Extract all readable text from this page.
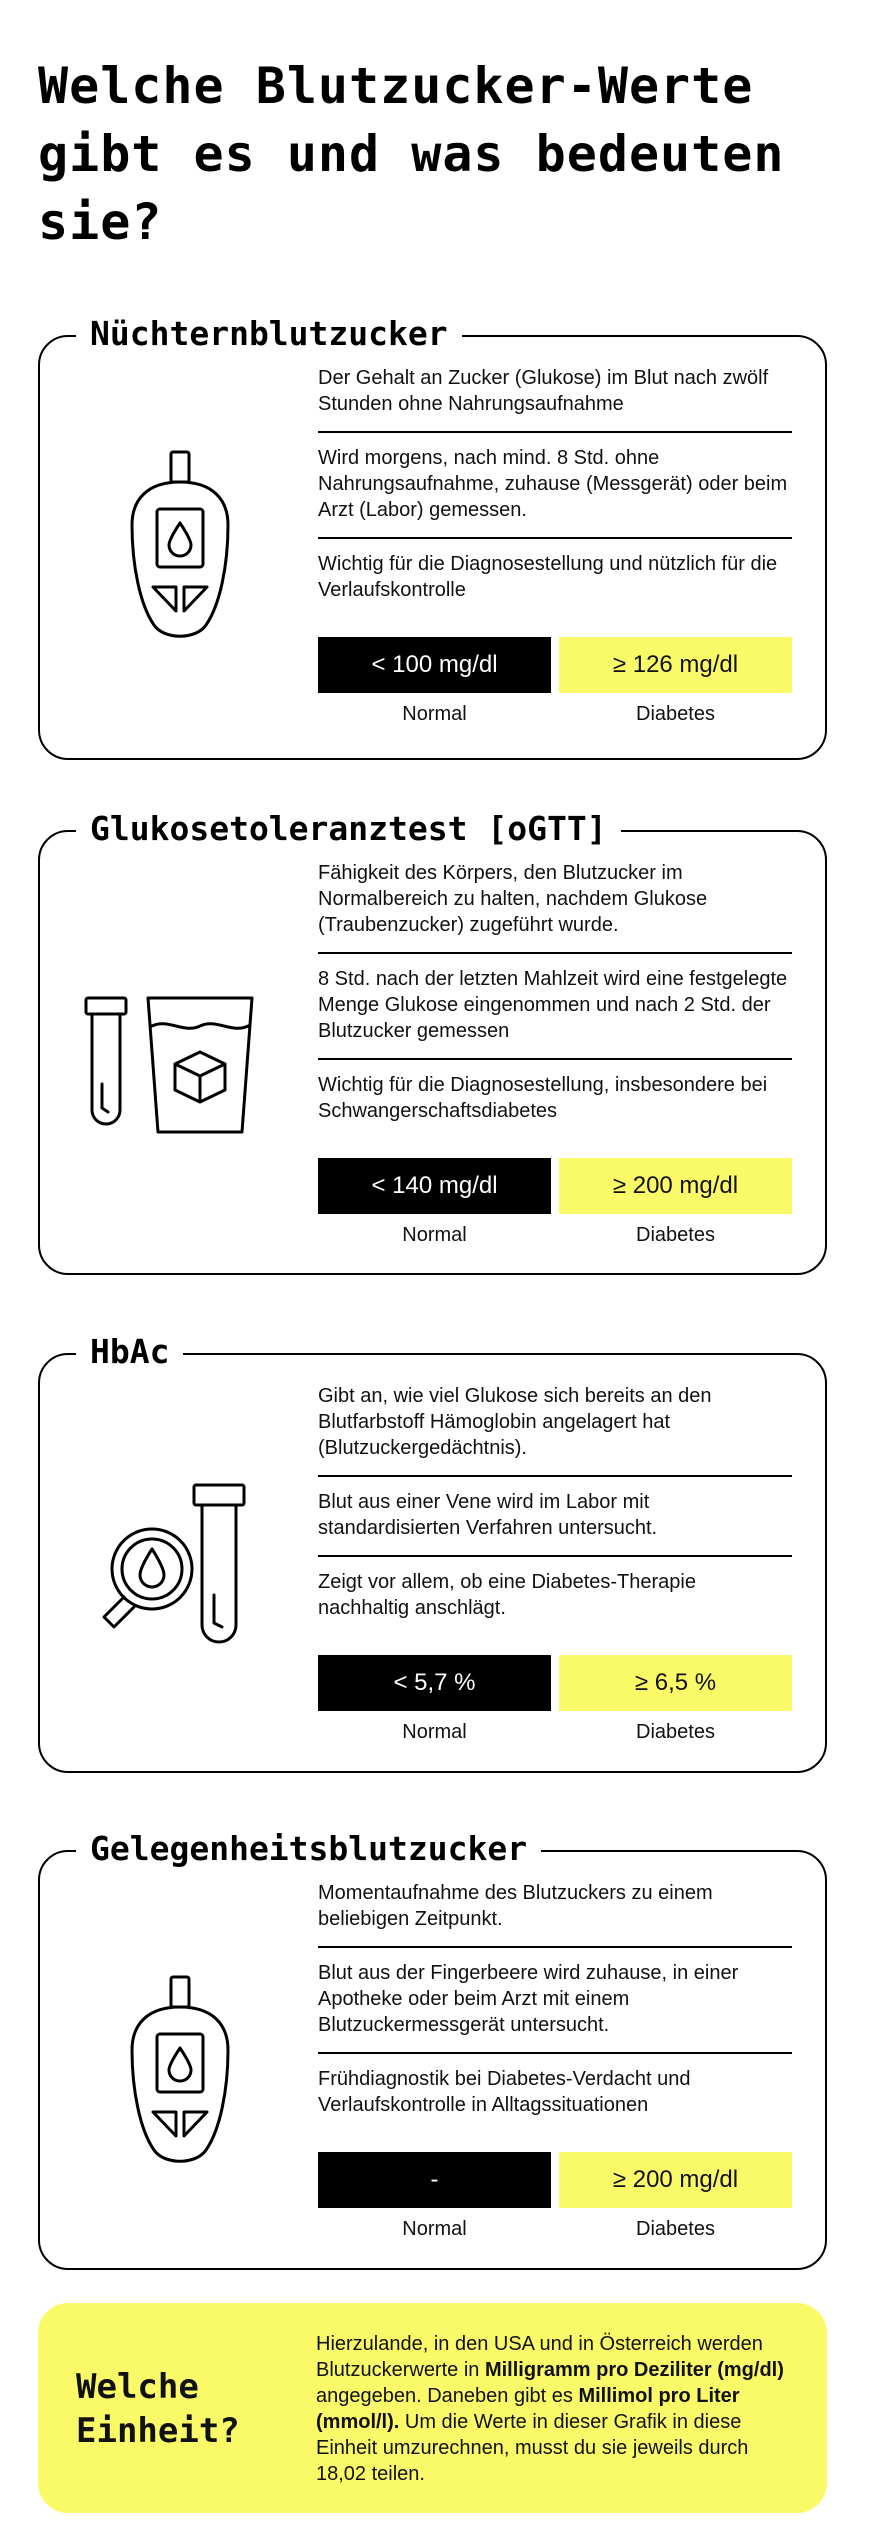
Welche Blutzucker-Werte gibt es und was bedeuten sie?
Nüchternblutzucker

Der Gehalt an Zucker (Glukose) im Blut nach zwölf Stunden ohne Nahrungsaufnahme

Wird morgens, nach mind. 8 Std. ohne Nahrungsaufnahme, zuhause (Messgerät) oder beim Arzt (Labor) gemessen.

Wichtig für die Diagnosestellung und nützlich für die Verlaufskontrolle

< 100 mg/dl	≥ 126 mg/dl
Normal	Diabetes
Glukosetoleranztest [oGTT]

Fähigkeit des Körpers, den Blutzucker im Normalbereich zu halten, nachdem Glukose (Traubenzucker) zugeführt wurde.

8 Std. nach der letzten Mahlzeit wird eine festgelegte Menge Glukose eingenommen und nach 2 Std. der Blutzucker gemessen

Wichtig für die Diagnosestellung, insbesondere bei Schwangerschaftsdiabetes

< 140 mg/dl	≥ 200 mg/dl
Normal	Diabetes
HbAc

Gibt an, wie viel Glukose sich bereits an den Blutfarbstoff Hämoglobin angelagert hat (Blutzuckergedächtnis).

Blut aus einer Vene wird im Labor mit standardisierten Verfahren untersucht.

Zeigt vor allem, ob eine Diabetes-Therapie nachhaltig anschlägt.

< 5,7 %	≥ 6,5 %
Normal	Diabetes
Gelegenheitsblutzucker

Momentaufnahme des Blutzuckers zu einem beliebigen Zeitpunkt.

Blut aus der Fingerbeere wird zuhause, in einer Apotheke oder beim Arzt mit einem Blutzuckermessgerät untersucht.

Frühdiagnostik bei Diabetes-Verdacht und Verlaufskontrolle in Alltagssituationen

-	≥ 200 mg/dl
Normal	Diabetes
Welche
Einheit?

Hierzulande, in den USA und in Österreich werden Blutzuckerwerte in Milligramm pro Deziliter (mg/dl) angegeben. Daneben gibt es Millimol pro Liter (mmol/l). Um die Werte in dieser Grafik in diese Einheit umzurechnen, musst du sie jeweils durch 18,02 teilen.
